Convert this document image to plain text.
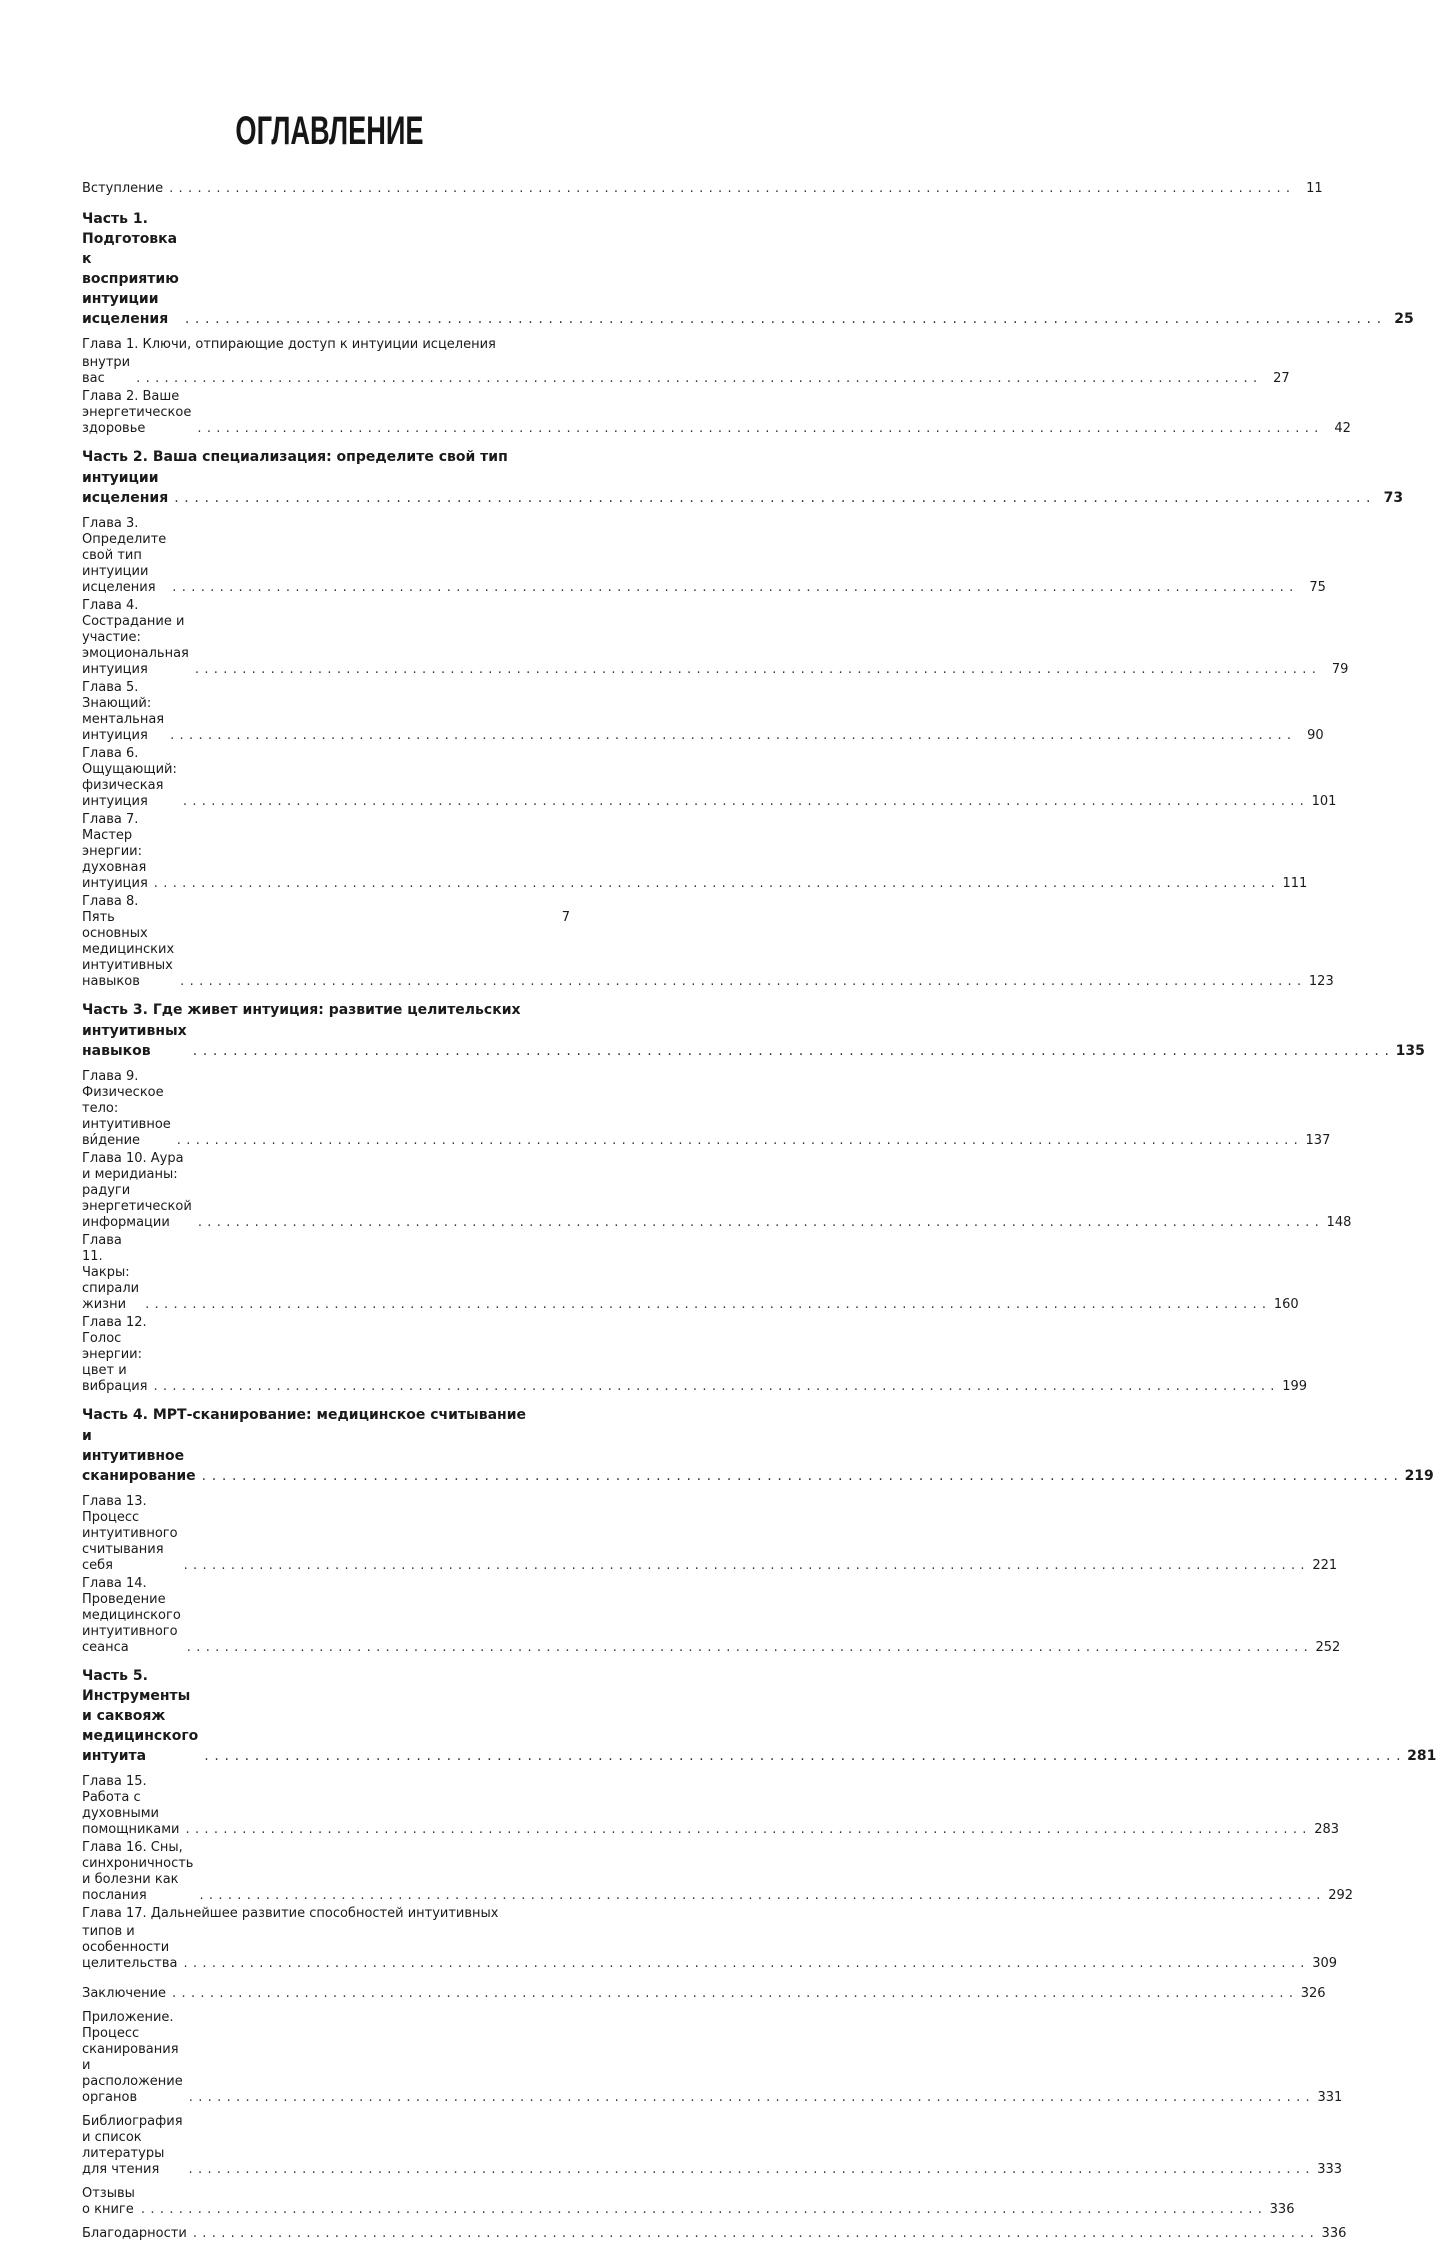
ОГЛАВЛЕНИЕ
Вступление . . .	11
Часть 1. Подготовка к восприятию интуиции исцеления . . .	25
Глава 1. Ключи, отпирающие доступ к интуиции исцеления
внутри вас . . .	27
Глава 2. Ваше энергетическое здоровье . . .	42
Часть 2. Ваша специализация: определите свой тип
интуиции исцеления . . .	73
Глава 3. Определите свой тип интуиции исцеления . . .	75
Глава 4. Сострадание и участие: эмоциональная интуиция . . .	79
Глава 5. Знающий: ментальная интуиция . . .	90
Глава 6. Ощущающий: физическая интуиция . . .	101
Глава 7. Мастер энергии: духовная интуиция . . .	111
Глава 8. Пять основных медицинских интуитивных навыков . . .	123
Часть 3. Где живет интуиция: развитие целительских
интуитивных навыков . . .	135
Глава 9. Физическое тело: интуитивное ви́дение . . .	137
Глава 10. Аура и меридианы: радуги энергетической информации . . .	148
Глава 11. Чакры: спирали жизни . . .	160
Глава 12. Голос энергии: цвет и вибрация . . .	199
Часть 4. МРТ-сканирование: медицинское считывание
и интуитивное сканирование . . .	219
Глава 13. Процесс интуитивного считывания себя . . .	221
Глава 14. Проведение медицинского интуитивного сеанса . . .	252
Часть 5. Инструменты и саквояж медицинского интуита . . .	281
Глава 15. Работа с духовными помощниками . . .	283
Глава 16. Сны, синхроничность и болезни как послания . . .	292
Глава 17. Дальнейшее развитие способностей интуитивных
типов и особенности целительства . . .	309
Заключение . . .	326
Приложение. Процесс сканирования и расположение органов . . .	331
Библиография и список литературы для чтения . . .	333
Отзывы о книге . . .	336
Благодарности . . .	336
7
